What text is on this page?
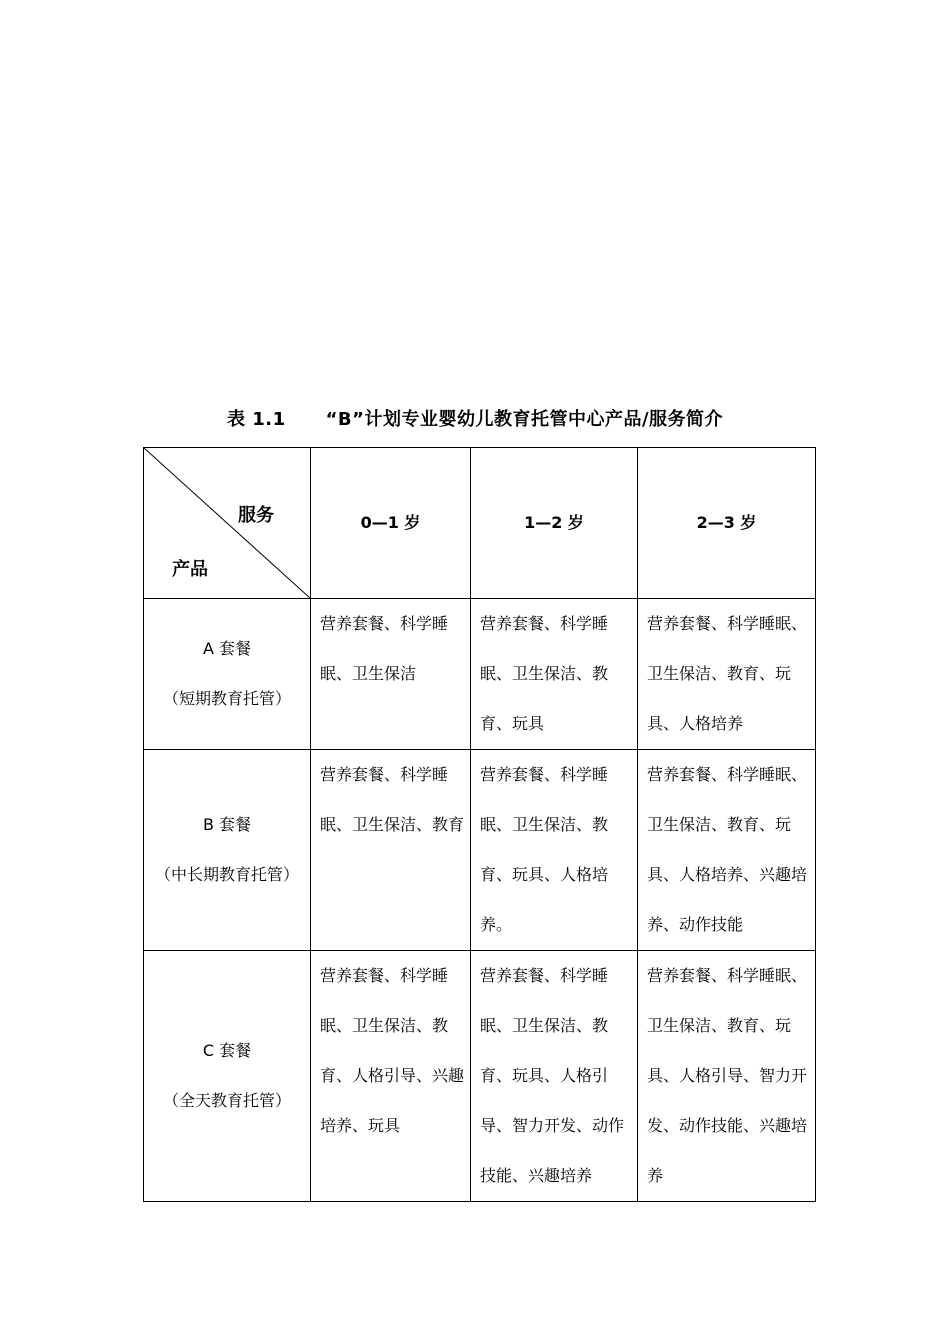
表 1.1 “B”计划专业婴幼儿教育托管中心产品/服务简介
服务
产品	0—1 岁	1—2 岁	2—3 岁

A 套餐
（短期教育托管）	营养套餐、科学睡眠、卫生保洁	营养套餐、科学睡眠、卫生保洁、教育、玩具	营养套餐、科学睡眠、卫生保洁、教育、玩具、人格培养

B 套餐
（中长期教育托管）	营养套餐、科学睡眠、卫生保洁、教育	营养套餐、科学睡眠、卫生保洁、教育、玩具、人格培养。	营养套餐、科学睡眠、卫生保洁、教育、玩具、人格培养、兴趣培养、动作技能

C 套餐
（全天教育托管）	营养套餐、科学睡眠、卫生保洁、教育、人格引导、兴趣培养、玩具	营养套餐、科学睡眠、卫生保洁、教育、玩具、人格引导、智力开发、动作技能、兴趣培养	营养套餐、科学睡眠、卫生保洁、教育、玩具、人格引导、智力开发、动作技能、兴趣培养
